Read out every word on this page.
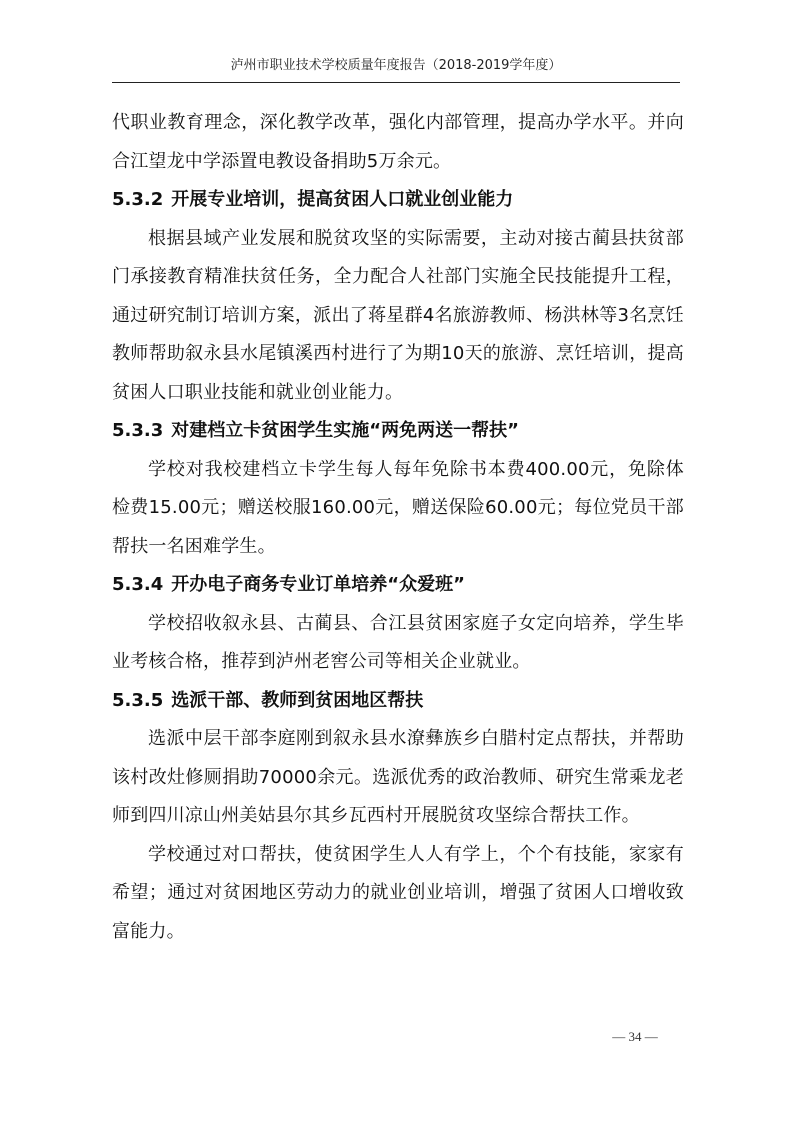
泸州市职业技术学校质量年度报告（2018-2019学年度）

代职业教育理念，深化教学改革，强化内部管理，提高办学水平。并向合江望龙中学添置电教设备捐助5万余元。

5.3.2 开展专业培训，提高贫困人口就业创业能力

根据县域产业发展和脱贫攻坚的实际需要，主动对接古蔺县扶贫部门承接教育精准扶贫任务，全力配合人社部门实施全民技能提升工程，通过研究制订培训方案，派出了蒋星群4名旅游教师、杨洪林等3名烹饪教师帮助叙永县水尾镇溪西村进行了为期10天的旅游、烹饪培训，提高贫困人口职业技能和就业创业能力。

5.3.3 对建档立卡贫困学生实施“两免两送一帮扶”

学校对我校建档立卡学生每人每年免除书本费400.00元，免除体检费15.00元；赠送校服160.00元，赠送保险60.00元；每位党员干部帮扶一名困难学生。

5.3.4 开办电子商务专业订单培养“众爱班”

学校招收叙永县、古蔺县、合江县贫困家庭子女定向培养，学生毕业考核合格，推荐到泸州老窖公司等相关企业就业。

5.3.5 选派干部、教师到贫困地区帮扶

选派中层干部李庭刚到叙永县水潦彝族乡白腊村定点帮扶，并帮助该村改灶修厕捐助70000余元。选派优秀的政治教师、研究生常乘龙老师到四川凉山州美姑县尔其乡瓦西村开展脱贫攻坚综合帮扶工作。

学校通过对口帮扶，使贫困学生人人有学上，个个有技能，家家有希望；通过对贫困地区劳动力的就业创业培训，增强了贫困人口增收致富能力。

— 34 —
